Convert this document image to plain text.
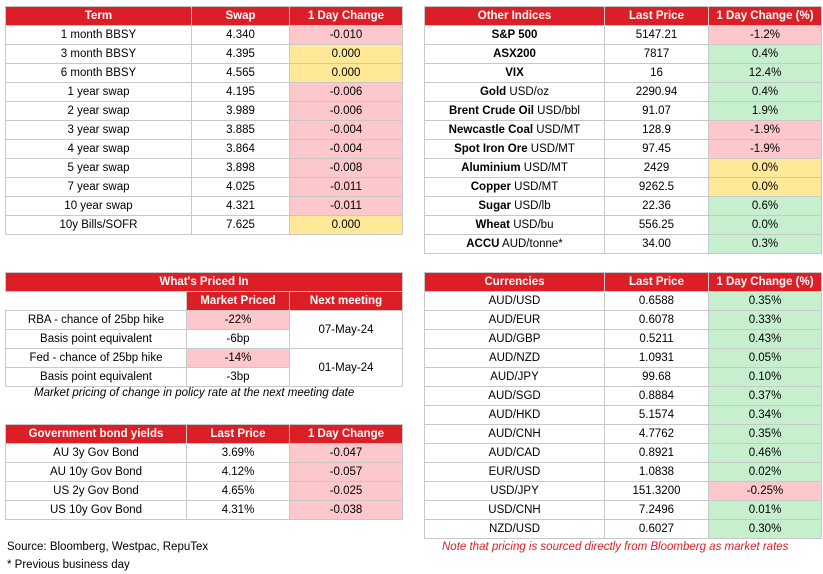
Term	Swap	1 Day Change
1 month BBSY	4.340	-0.010
3 month BBSY	4.395	0.000
6 month BBSY	4.565	0.000
1 year swap	4.195	-0.006
2 year swap	3.989	-0.006
3 year swap	3.885	-0.004
4 year swap	3.864	-0.004
5 year swap	3.898	-0.008
7 year swap	4.025	-0.011
10 year swap	4.321	-0.011
10y Bills/SOFR	7.625	0.000
Other Indices	Last Price	1 Day Change (%)
S&P 500	5147.21	-1.2%
ASX200	7817	0.4%
VIX	16	12.4%
Gold USD/oz	2290.94	0.4%
Brent Crude Oil USD/bbl	91.07	1.9%
Newcastle Coal USD/MT	128.9	-1.9%
Spot Iron Ore USD/MT	97.45	-1.9%
Aluminium USD/MT	2429	0.0%
Copper USD/MT	9262.5	0.0%
Sugar USD/lb	22.36	0.6%
Wheat USD/bu	556.25	0.0%
ACCU AUD/tonne*	34.00	0.3%
What's Priced In		
	Market Priced	Next meeting
RBA - chance of 25bp hike	-22%	07-May-24
Basis point equivalent	-6bp	
Fed - chance of 25bp hike	-14%	01-May-24
Basis point equivalent	-3bp	
Market pricing of change in policy rate at the next meeting date
Government bond yields	Last Price	1 Day Change
AU 3y Gov Bond	3.69%	-0.047
AU 10y Gov Bond	4.12%	-0.057
US 2y Gov Bond	4.65%	-0.025
US 10y Gov Bond	4.31%	-0.038
Currencies	Last Price	1 Day Change (%)
AUD/USD	0.6588	0.35%
AUD/EUR	0.6078	0.33%
AUD/GBP	0.5211	0.43%
AUD/NZD	1.0931	0.05%
AUD/JPY	99.68	0.10%
AUD/SGD	0.8884	0.37%
AUD/HKD	5.1574	0.34%
AUD/CNH	4.7762	0.35%
AUD/CAD	0.8921	0.46%
EUR/USD	1.0838	0.02%
USD/JPY	151.3200	-0.25%
USD/CNH	7.2496	0.01%
NZD/USD	0.6027	0.30%
Source: Bloomberg, Westpac, RepuTex
* Previous business day
Note that pricing is sourced directly from Bloomberg as market rates
